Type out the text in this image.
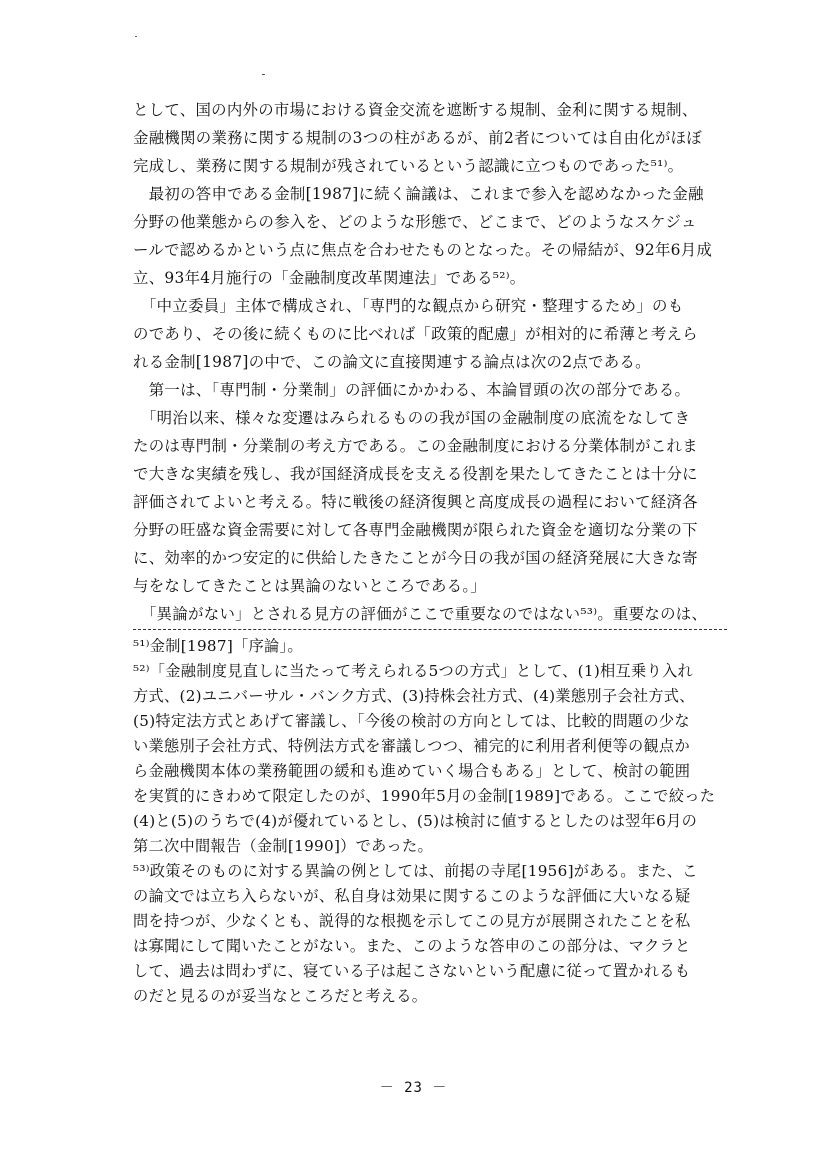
として、国の内外の市場における資金交流を遮断する規制、金利に関する規制、
金融機関の業務に関する規制の3つの柱があるが、前2者については自由化がほぼ
完成し、業務に関する規制が残されているという認識に立つものであった⁵¹⁾。
　最初の答申である金制[1987]に続く論議は、これまで参入を認めなかった金融
分野の他業態からの参入を、どのような形態で、どこまで、どのようなスケジュ
ールで認めるかという点に焦点を合わせたものとなった。その帰結が、92年6月成
立、93年4月施行の「金融制度改革関連法」である⁵²⁾。
　「中立委員」主体で構成され、「専門的な観点から研究・整理するため」のも
のであり、その後に続くものに比べれば「政策的配慮」が相対的に希薄と考えら
れる金制[1987]の中で、この論文に直接関連する論点は次の2点である。
　第一は、「専門制・分業制」の評価にかかわる、本論冒頭の次の部分である。
　「明治以来、様々な変遷はみられるものの我が国の金融制度の底流をなしてき
たのは専門制・分業制の考え方である。この金融制度における分業体制がこれま
で大きな実績を残し、我が国経済成長を支える役割を果たしてきたことは十分に
評価されてよいと考える。特に戦後の経済復興と高度成長の過程において経済各
分野の旺盛な資金需要に対して各専門金融機関が限られた資金を適切な分業の下
に、効率的かつ安定的に供給したきたことが今日の我が国の経済発展に大きな寄
与をなしてきたことは異論のないところである。」
　「異論がない」とされる見方の評価がここで重要なのではない⁵³⁾。重要なのは、
⁵¹⁾金制[1987]「序論」。
⁵²⁾「金融制度見直しに当たって考えられる5つの方式」として、(1)相互乗り入れ
方式、(2)ユニバーサル・バンク方式、(3)持株会社方式、(4)業態別子会社方式、
(5)特定法方式とあげて審議し、「今後の検討の方向としては、比較的問題の少な
い業態別子会社方式、特例法方式を審議しつつ、補完的に利用者利便等の観点か
ら金融機関本体の業務範囲の緩和も進めていく場合もある」として、検討の範囲
を実質的にきわめて限定したのが、1990年5月の金制[1989]である。ここで絞った
(4)と(5)のうちで(4)が優れているとし、(5)は検討に値するとしたのは翌年6月の
第二次中間報告（金制[1990]）であった。
⁵³⁾政策そのものに対する異論の例としては、前掲の寺尾[1956]がある。また、こ
の論文では立ち入らないが、私自身は効果に関するこのような評価に大いなる疑
問を持つが、少なくとも、説得的な根拠を示してこの見方が展開されたことを私
は寡聞にして聞いたことがない。また、このような答申のこの部分は、マクラと
して、過去は問わずに、寝ている子は起こさないという配慮に従って置かれるも
のだと見るのが妥当なところだと考える。
－ 23 －
